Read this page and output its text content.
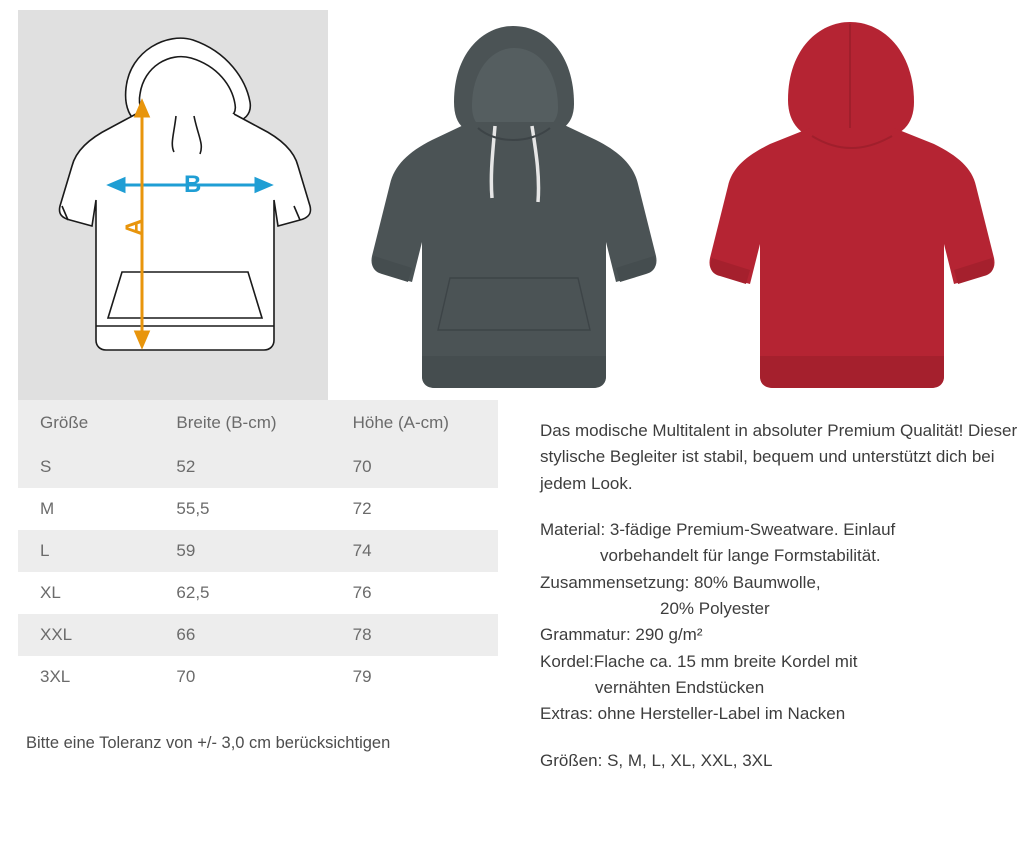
B
A
Größe	Breite (B-cm)	Höhe (A-cm)
S	52	70
M	55,5	72
L	59	74
XL	62,5	76
XXL	66	78
3XL	70	79
Bitte eine Toleranz von +/- 3,0 cm berücksichtigen

Das modische Multitalent in absoluter Premium Qualität! Dieser stylische Begleiter ist stabil, bequem und unterstützt dich bei jedem Look.

Material: 3-fädige Premium-Sweatware. Einlauf

vorbehandelt für lange Formstabilität.

Zusammensetzung: 80% Baumwolle,

20% Polyester

Grammatur: 290 g/m²

Kordel:Flache ca. 15 mm breite Kordel mit

vernähten Endstücken

Extras: ohne Hersteller-Label im Nacken

Größen: S, M, L, XL, XXL, 3XL
